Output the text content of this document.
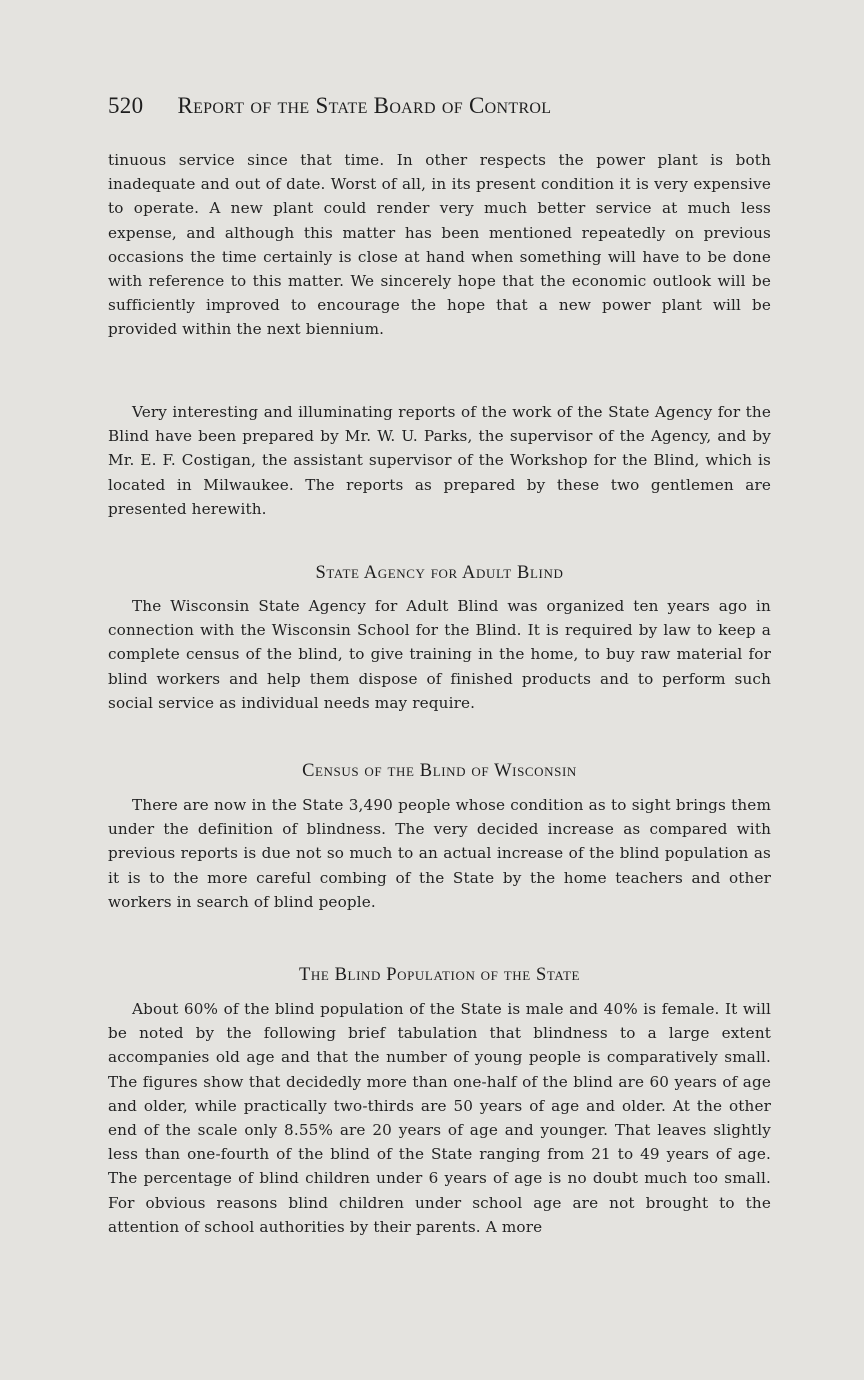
520 Report of the State Board of Control

tinuous service since that time. In other respects the power plant is both inadequate and out of date. Worst of all, in its present condition it is very expensive to operate. A new plant could render very much better service at much less expense, and although this matter has been mentioned repeatedly on previous occasions the time certainly is close at hand when something will have to be done with reference to this matter. We sincerely hope that the economic outlook will be sufficiently improved to encourage the hope that a new power plant will be provided within the next biennium.

Very interesting and illuminating reports of the work of the State Agency for the Blind have been prepared by Mr. W. U. Parks, the supervisor of the Agency, and by Mr. E. F. Costigan, the assistant supervisor of the Workshop for the Blind, which is located in Milwaukee. The reports as prepared by these two gentlemen are presented herewith.

State Agency for Adult Blind

The Wisconsin State Agency for Adult Blind was organized ten years ago in connection with the Wisconsin School for the Blind. It is required by law to keep a complete census of the blind, to give training in the home, to buy raw material for blind workers and help them dispose of finished products and to perform such social service as individual needs may require.

Census of the Blind of Wisconsin

There are now in the State 3,490 people whose condition as to sight brings them under the definition of blindness. The very decided increase as compared with previous reports is due not so much to an actual increase of the blind population as it is to the more careful combing of the State by the home teachers and other workers in search of blind people.

The Blind Population of the State

About 60% of the blind population of the State is male and 40% is female. It will be noted by the following brief tabulation that blindness to a large extent accompanies old age and that the number of young people is comparatively small. The figures show that decidedly more than one-half of the blind are 60 years of age and older, while practically two-thirds are 50 years of age and older. At the other end of the scale only 8.55% are 20 years of age and younger. That leaves slightly less than one-fourth of the blind of the State ranging from 21 to 49 years of age. The percentage of blind children under 6 years of age is no doubt much too small. For obvious reasons blind children under school age are not brought to the attention of school authorities by their parents. A more
